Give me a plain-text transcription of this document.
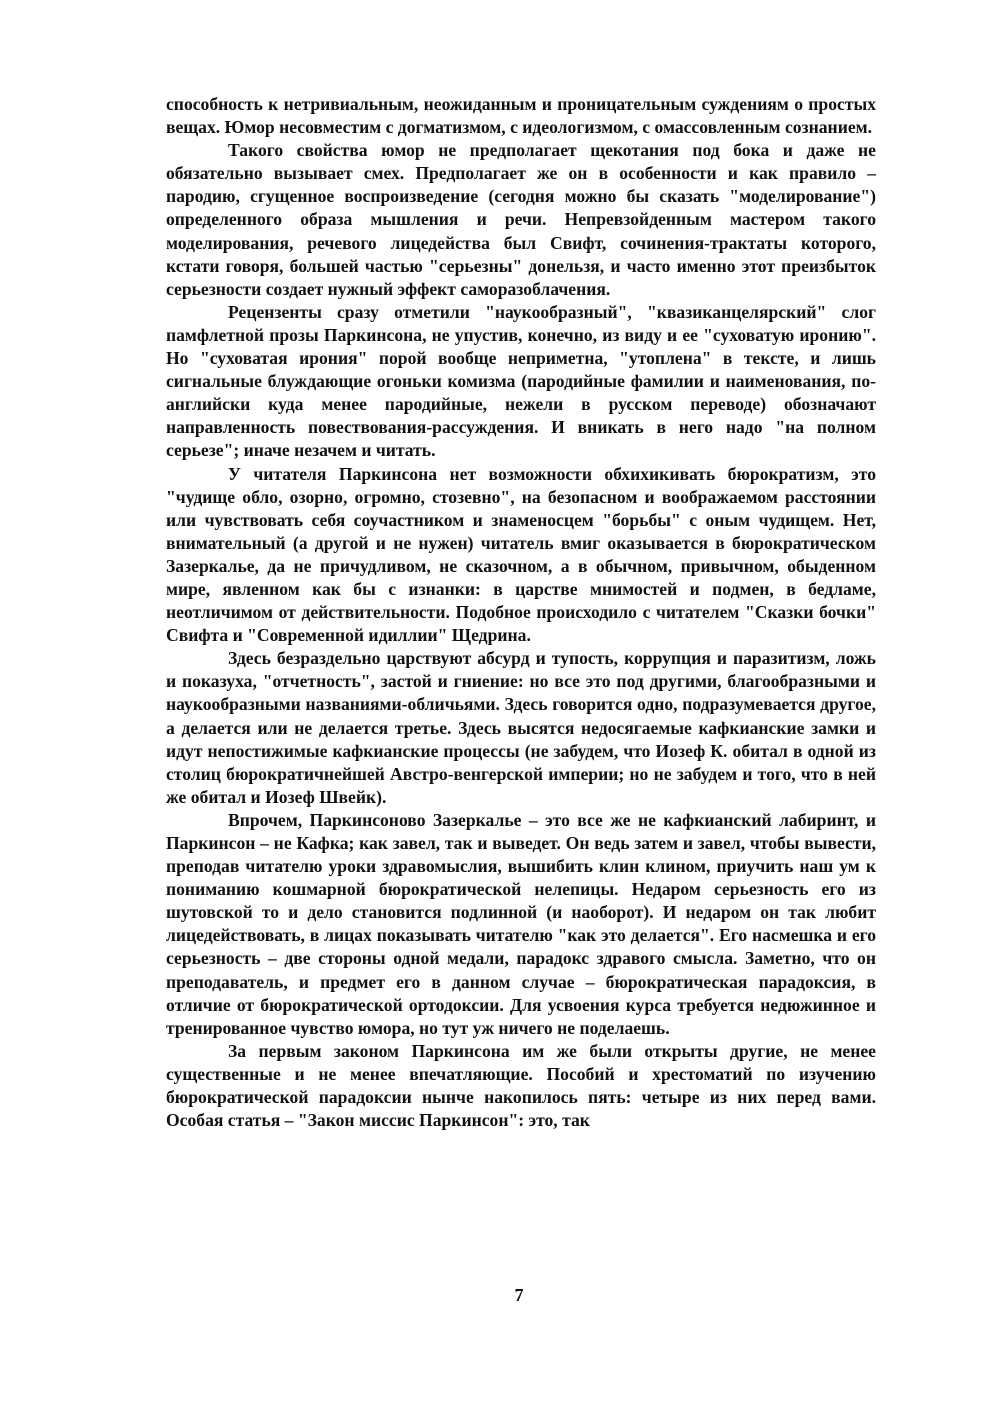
способность к нетривиальным, неожиданным и проницательным суждениям о простых вещах. Юмор несовместим с догматизмом, с идеологизмом, с омассовленным сознанием.

Такого свойства юмор не предполагает щекотания под бока и даже не обязательно вызывает смех. Предполагает же он в особенности и как правило – пародию, сгущенное воспроизведение (сегодня можно бы сказать "моделирование") определенного образа мышления и речи. Непревзойденным мастером такого моделирования, речевого лицедейства был Свифт, сочинения-трактаты которого, кстати говоря, большей частью "серьезны" донельзя, и часто именно этот преизбыток серьезности создает нужный эффект саморазоблачения.

Рецензенты сразу отметили "наукообразный", "квазиканцелярский" слог памфлетной прозы Паркинсона, не упустив, конечно, из виду и ее "суховатую иронию". Но "суховатая ирония" порой вообще неприметна, "утоплена" в тексте, и лишь сигнальные блуждающие огоньки комизма (пародийные фамилии и наименования, по-английски куда менее пародийные, нежели в русском переводе) обозначают направленность повествования-рассуждения. И вникать в него надо "на полном серьезе"; иначе незачем и читать.

У читателя Паркинсона нет возможности обхихикивать бюрократизм, это "чудище обло, озорно, огромно, стозевно", на безопасном и воображаемом расстоянии или чувствовать себя соучастником и знаменосцем "борьбы" с оным чудищем. Нет, внимательный (а другой и не нужен) читатель вмиг оказывается в бюрократическом Зазеркалье, да не причудливом, не сказочном, а в обычном, привычном, обыденном мире, явленном как бы с изнанки: в царстве мнимостей и подмен, в бедламе, неотличимом от действительности. Подобное происходило с читателем "Сказки бочки" Свифта и "Современной идиллии" Щедрина.

Здесь безраздельно царствуют абсурд и тупость, коррупция и паразитизм, ложь и показуха, "отчетность", застой и гниение: но все это под другими, благообразными и наукообразными названиями-обличьями. Здесь говорится одно, подразумевается другое, а делается или не делается третье. Здесь высятся недосягаемые кафкианские замки и идут непостижимые кафкианские процессы (не забудем, что Иозеф К. обитал в одной из столиц бюрократичнейшей Австро-венгерской империи; но не забудем и того, что в ней же обитал и Иозеф Швейк).

Впрочем, Паркинсоново Зазеркалье – это все же не кафкианский лабиринт, и Паркинсон – не Кафка; как завел, так и выведет. Он ведь затем и завел, чтобы вывести, преподав читателю уроки здравомыслия, вышибить клин клином, приучить наш ум к пониманию кошмарной бюрократической нелепицы. Недаром серьезность его из шутовской то и дело становится подлинной (и наоборот). И недаром он так любит лицедействовать, в лицах показывать читателю "как это делается". Его насмешка и его серьезность – две стороны одной медали, парадокс здравого смысла. Заметно, что он преподаватель, и предмет его в данном случае – бюрократическая парадоксия, в отличие от бюрократической ортодоксии. Для усвоения курса требуется недюжинное и тренированное чувство юмора, но тут уж ничего не поделаешь.

За первым законом Паркинсона им же были открыты другие, не менее существенные и не менее впечатляющие. Пособий и хрестоматий по изучению бюрократической парадоксии нынче накопилось пять: четыре из них перед вами. Особая статья – "Закон миссис Паркинсон": это, так

7
